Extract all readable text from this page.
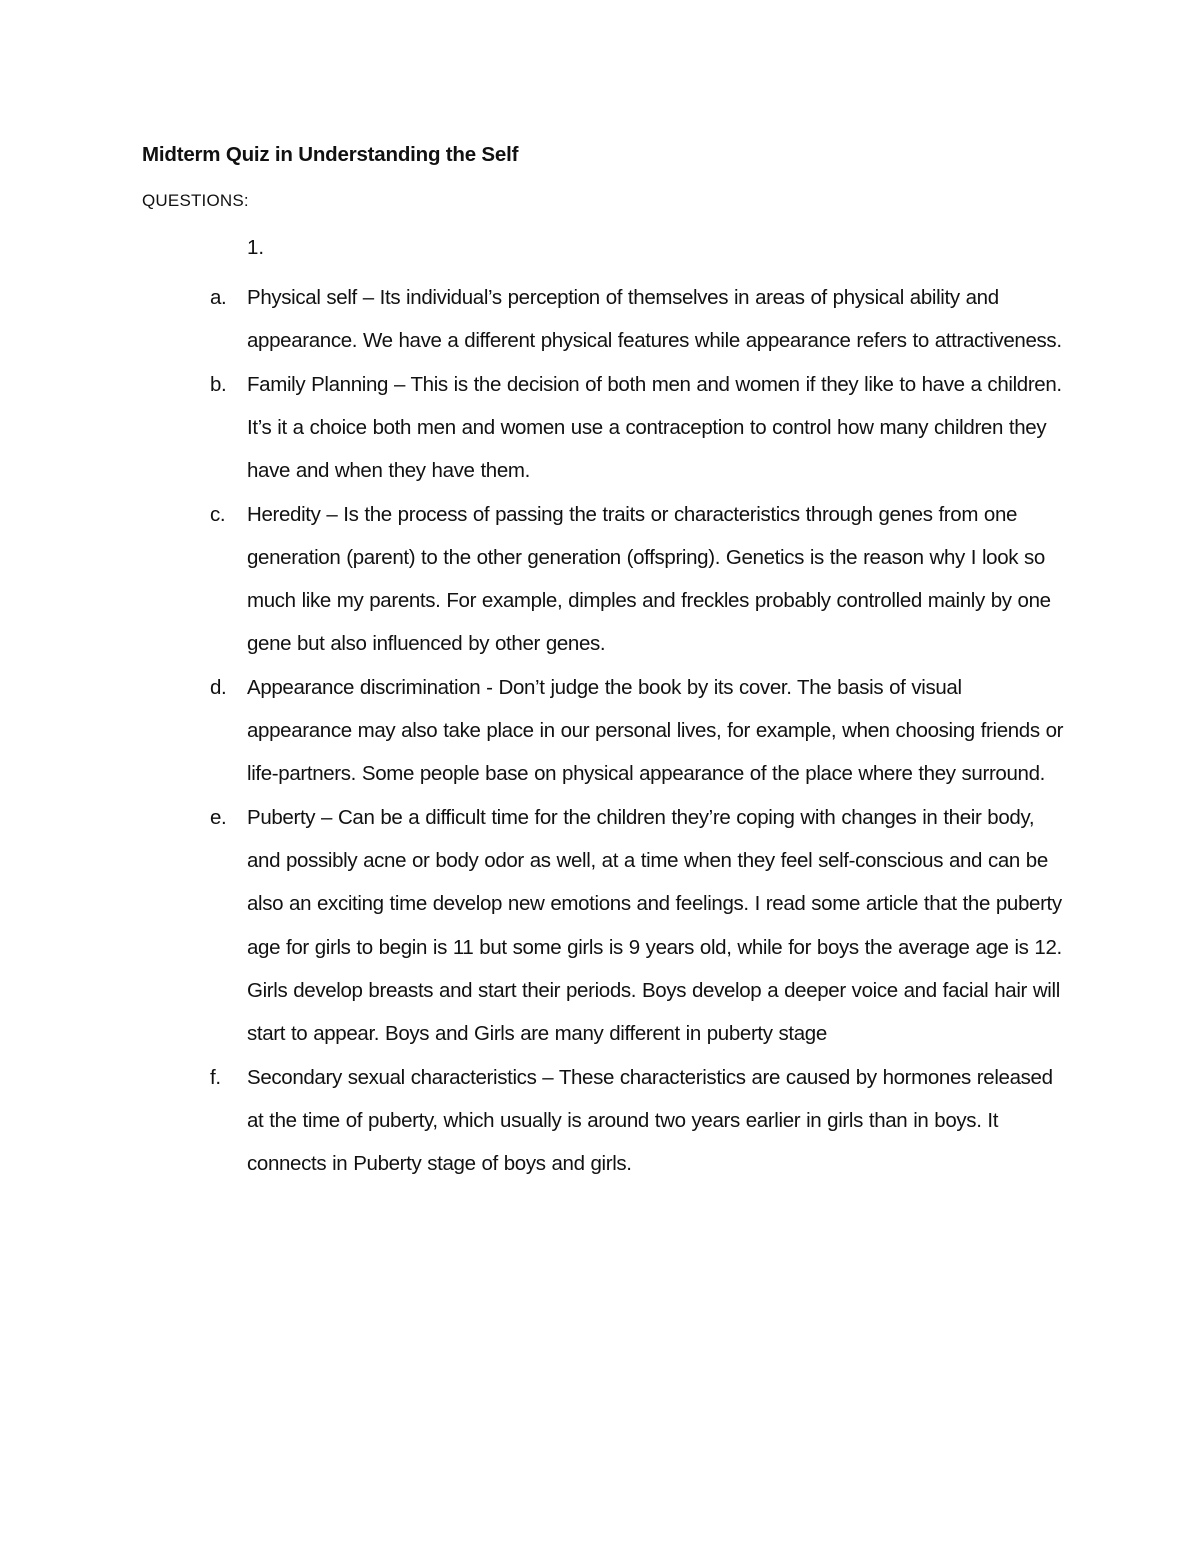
Midterm Quiz in Understanding the Self
QUESTIONS:
1.
a.	Physical self – Its individual’s perception of themselves in areas of physical ability and appearance. We have a different physical features while appearance refers to attractiveness.
b.	Family Planning – This is the decision of both men and women if they like to have a children. It’s it a choice both men and women use a contraception to control how many children they have and when they have them.
c.	Heredity – Is the process of passing the traits or characteristics through genes from one generation (parent) to the other generation (offspring). Genetics is the reason why I look so much like my parents. For example, dimples and freckles probably controlled mainly by one gene but also influenced by other genes.
d.	Appearance discrimination - Don’t judge the book by its cover. The basis of visual appearance may also take place in our personal lives, for example, when choosing friends or life-partners. Some people base on physical appearance of the place where they surround.
e.	Puberty – Can be a difficult time for the children they’re coping with changes in their body, and possibly acne or body odor as well, at a time when they feel self-conscious and can be also an exciting time develop new emotions and feelings. I read some article that the puberty age for girls to begin is 11 but some girls is 9 years old, while for boys the average age is 12. Girls develop breasts and start their periods. Boys develop a deeper voice and facial hair will start to appear. Boys and Girls are many different in puberty stage
f.	Secondary sexual characteristics – These characteristics are caused by hormones released at the time of puberty, which usually is around two years earlier in girls than in boys. It connects in Puberty stage of boys and girls.
